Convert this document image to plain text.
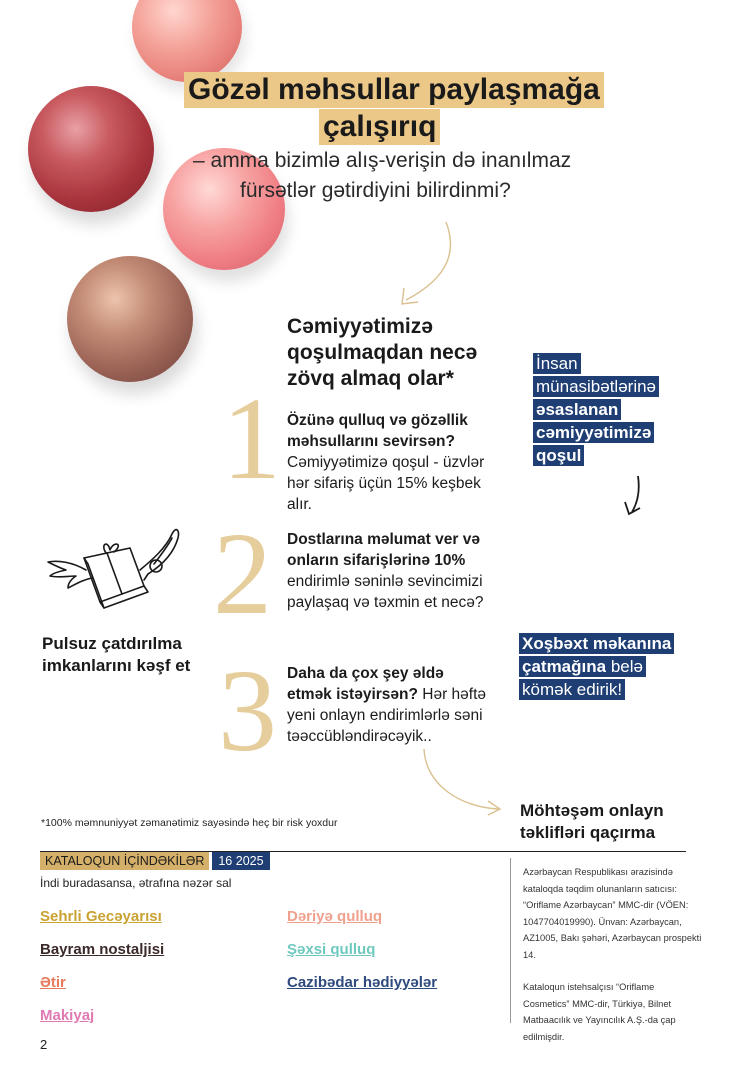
Gözəl məhsullar paylaşmağa
çalışırıq
– amma bizimlə alış-verişin də inanılmaz
fürsətlər gətirdiyini bilirdinmi?
Cəmiyyətimizə qoşulmaqdan necə zövq almaq olar*
1
2
3
Özünə qulluq və gözəllik məhsullarını sevirsən? Cəmiyyətimizə qoşul - üzvlər hər sifariş üçün 15% keşbek alır.
Dostlarına məlumat ver və onların sifarişlərinə 10% endirimlə səninlə sevincimizi paylaşaq və təxmin et necə?
Daha da çox şey əldə etmək istəyirsən? Hər həftə yeni onlayn endirimlərlə səni təəccübləndirəcəyik..
İnsan
münasibətlərinə
əsaslanan
cəmiyyətimizə
qoşul
Xoşbəxt məkanına
çatmağına belə
kömək edirik!
Pulsuz çatdırılma
imkanlarını kəşf et
*100% məmnuniyyət zəmanətimiz sayəsində heç bir risk yoxdur
Möhtəşəm onlayn
təklifləri qaçırma
KATALOQUN İÇİNDƏKİLƏR	16 2025
İndi buradasansa, ətrafına nəzər sal
Sehrli Gecəyarısı
Bayram nostaljisi
Ətir
Makiyaj
Dəriyə qulluq
Şəxsi qulluq
Cazibədar hədiyyələr

Azərbaycan Respublikası ərazisində kataloqda təqdim olunanların satıcısı: “Oriflame Azərbaycan” MMC-dir (VÖEN: 1047704019990). Ünvan: Azərbaycan, AZ1005, Bakı şəhəri, Azərbaycan prospekti 14.

Kataloqun istehsalçısı “Oriflame Cosmetics” MMC-dir, Türkiyə, Bilnet Matbaacılık ve Yayıncılık A.Ş.-da çap edilmişdir.

2
